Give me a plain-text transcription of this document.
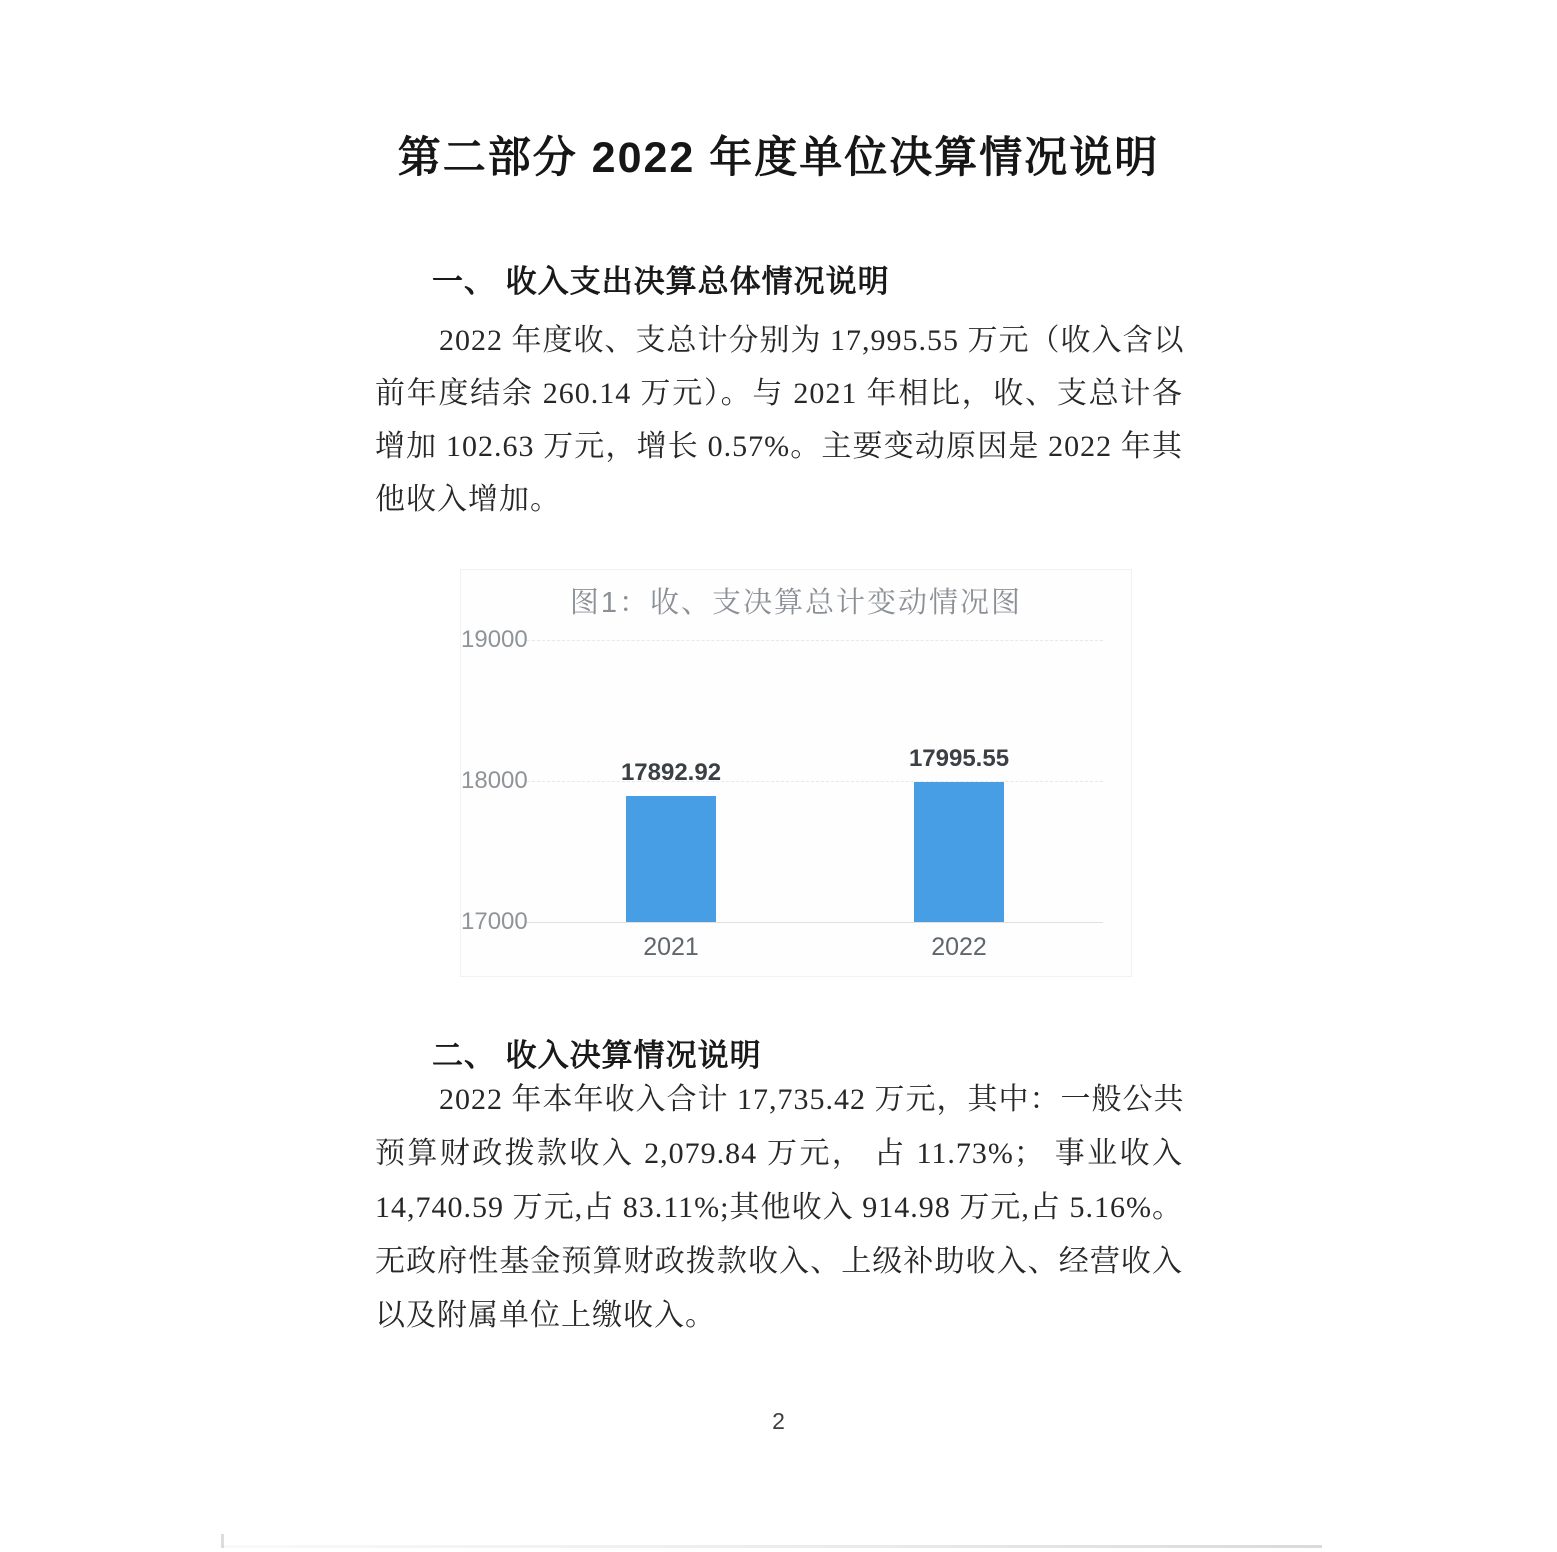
第二部分 2022 年度单位决算情况说明
一、 收入支出决算总体情况说明
2022 年度收、支总计分别为 17,995.55 万元（收入含以
前年度结余 260.14 万元）。与 2021 年相比，收、支总计各
增加 102.63 万元，增长 0.57%。主要变动原因是 2022 年其
他收入增加。
图1：收、支决算总计变动情况图
19000
18000
17000
17892.92
2021
17995.55
2022
二、 收入决算情况说明
2022 年本年收入合计 17,735.42 万元，其中：一般公共
预算财政拨款收入 2,079.84 万元， 占 11.73%； 事业收入
14,740.59 万元,占 83.11%;其他收入 914.98 万元,占 5.16%。
无政府性基金预算财政拨款收入、上级补助收入、经营收入
以及附属单位上缴收入。
2
